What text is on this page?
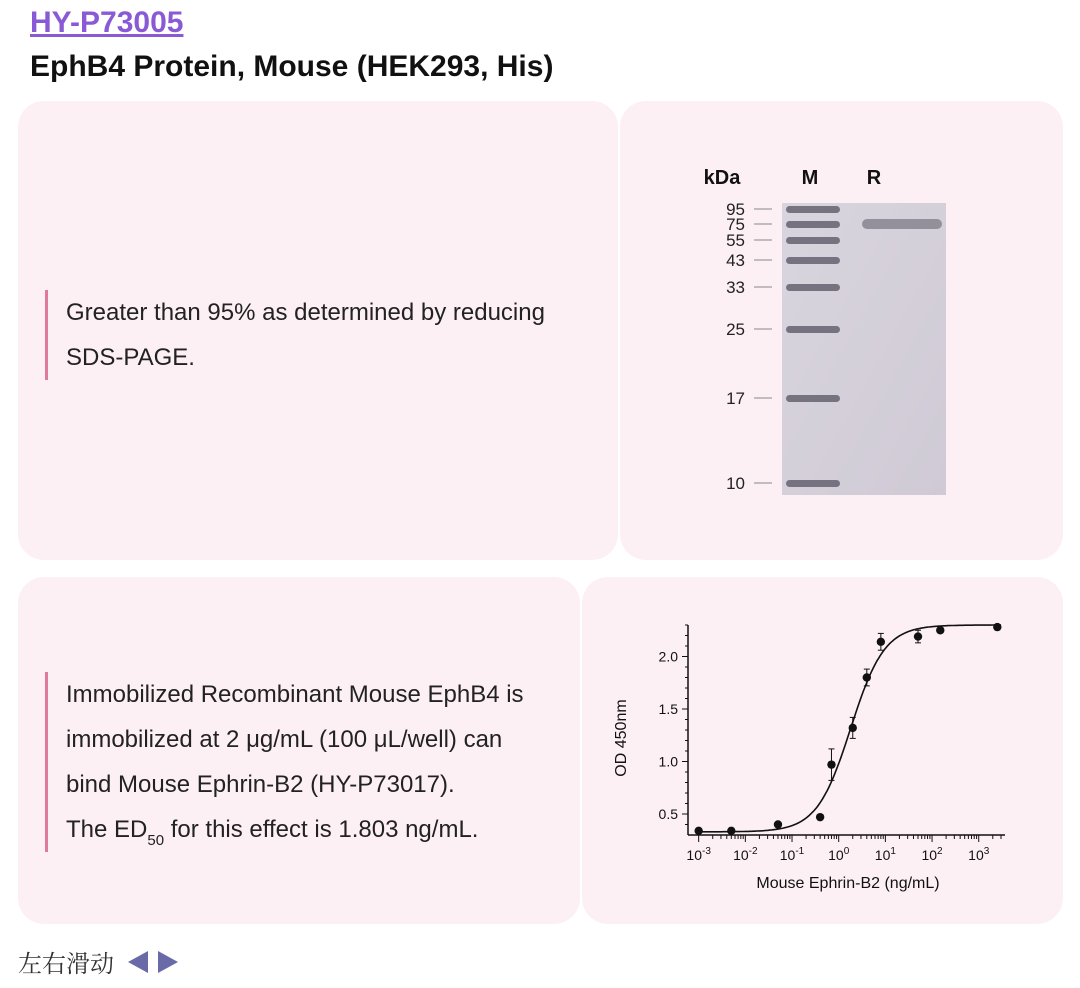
HY-P73005
EphB4 Protein, Mouse (HEK293, His)
Greater than 95% as determined by reducing
SDS-PAGE.
kDa	M R
95
75
55
43
33
25
17
10
Immobilized Recombinant Mouse EphB4 is
immobilized at 2 μg/mL (100 μL/well) can
bind Mouse Ephrin-B2 (HY-P73017).
The $ED_{50}$ for this effect is 1.803 ng/mL.
0.5
1.0
1.5
2.0
$10^{-3}$ $10^{-2}$ $10^{-1}$ $10^0$ $10^1$ $10^2$ $10^3$
Mouse Ephrin-B2 (ng/mL)
OD 450nm
左右滑动
